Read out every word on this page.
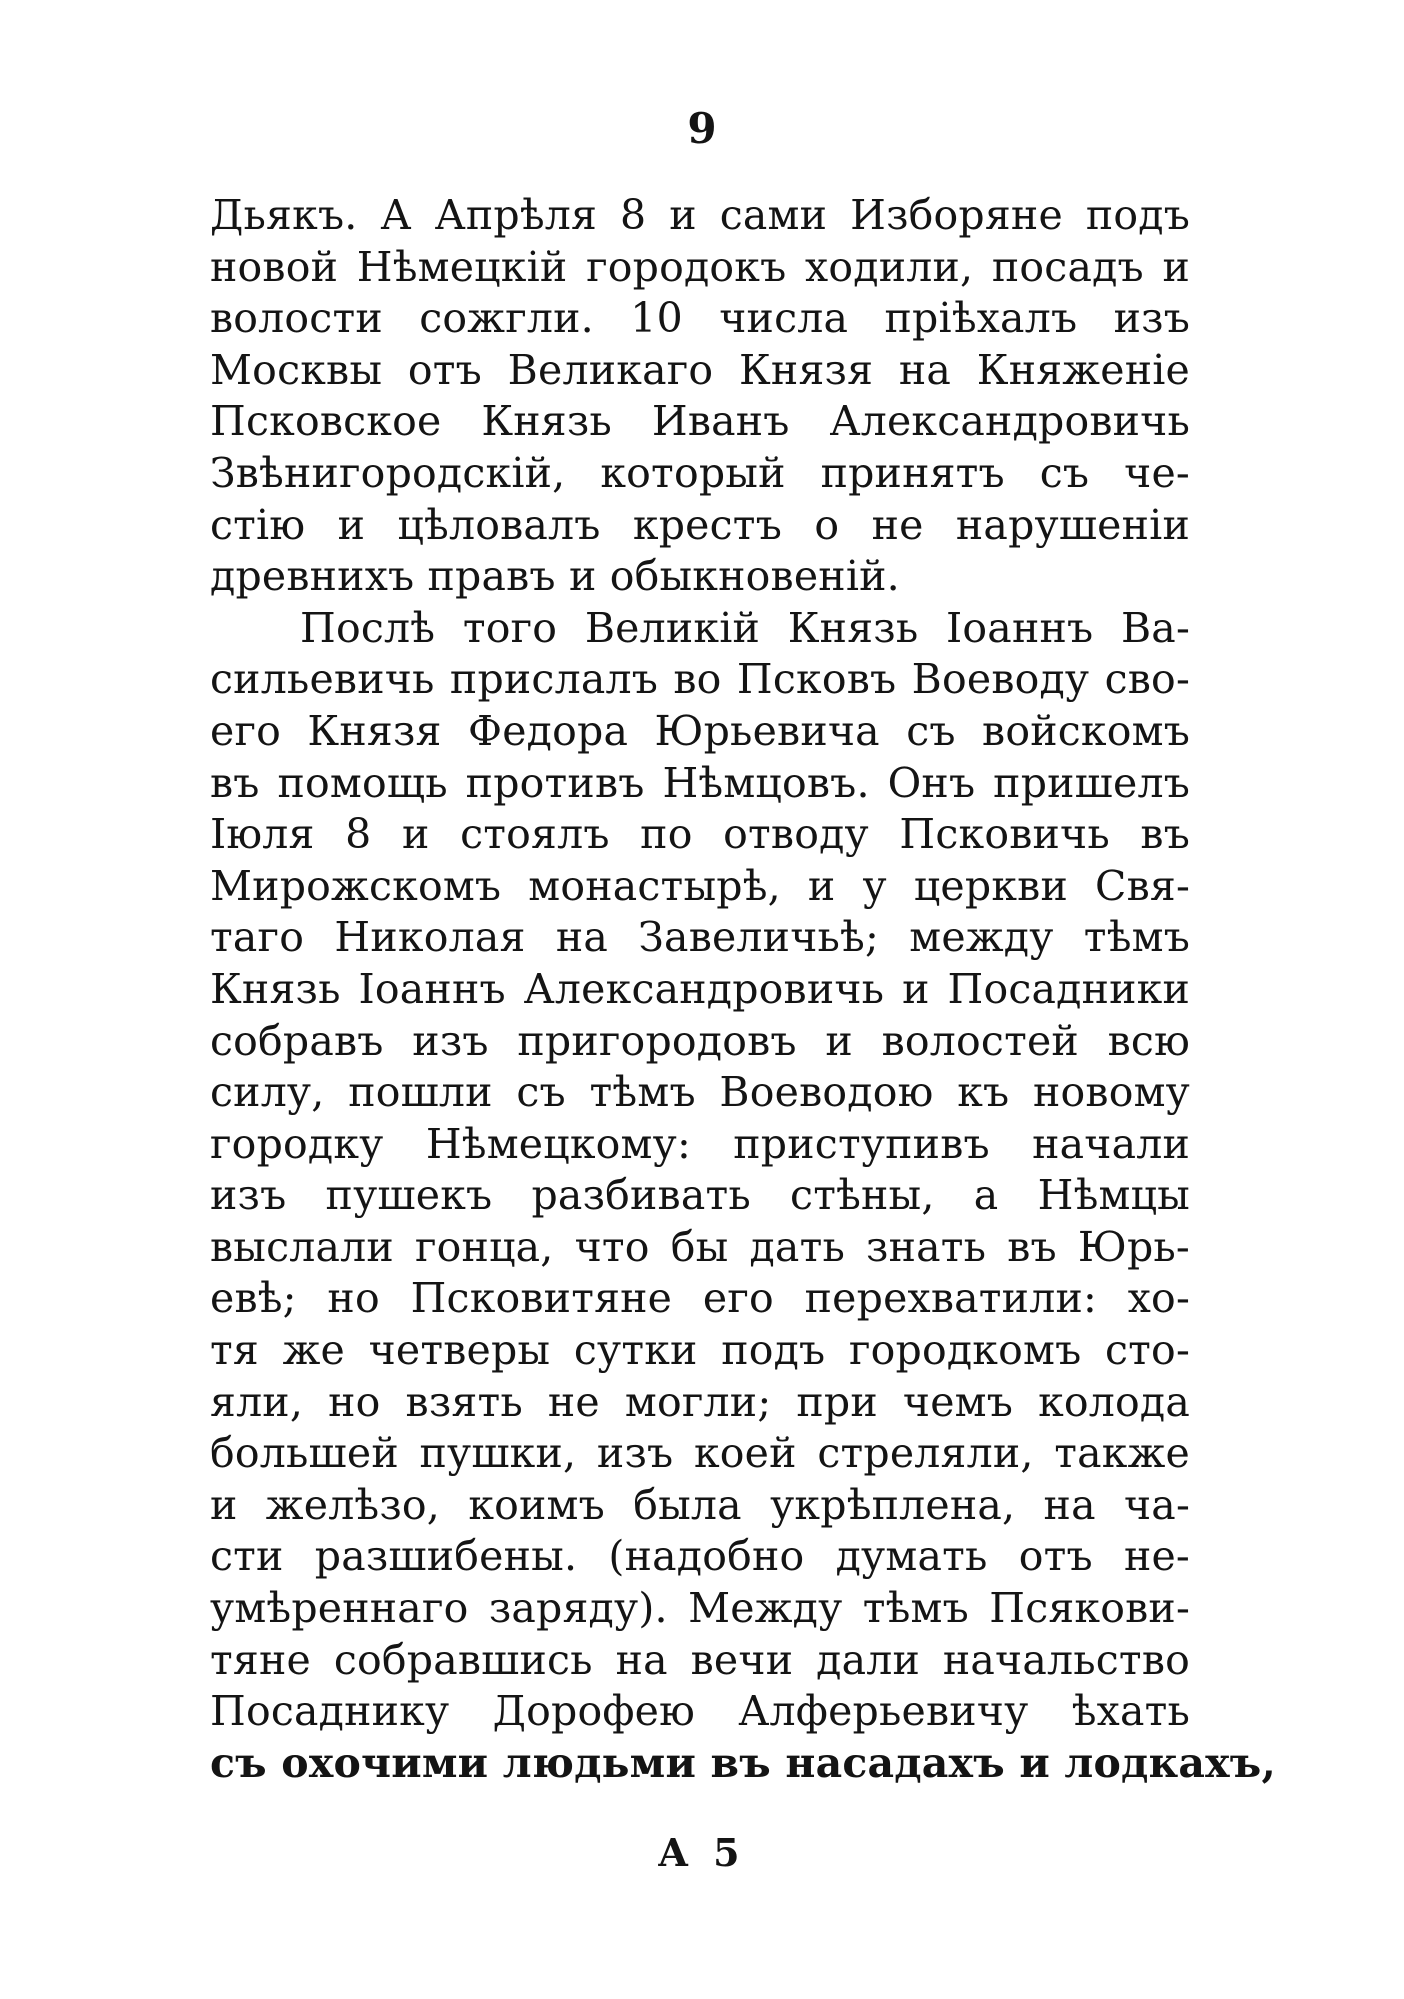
9
Дьякъ. А Апрѣля 8 и сами Изборяне подъ
новой Нѣмецкій городокъ ходили, посадъ и
волости сожгли. 10 числа пріѣхалъ изъ
Москвы отъ Великаго Князя на Княженіе
Псковское Князь Иванъ Александровичь
Звѣнигородскій, который принятъ съ че-
стію и цѣловалъ крестъ о не нарушеніи
древнихъ правъ и обыкновеній.
Послѣ того Великій Князь Іоаннъ Ва-
сильевичь прислалъ во Псковъ Воеводу сво-
его Князя Федора Юрьевича съ войскомъ
въ помощь противъ Нѣмцовъ. Онъ пришелъ
Іюля 8 и стоялъ по отводу Псковичь въ
Мирожскомъ монастырѣ, и у церкви Свя-
таго Николая на Завеличьѣ; между тѣмъ
Князь Іоаннъ Александровичь и Посадники
собравъ изъ пригородовъ и волостей всю
силу, пошли съ тѣмъ Воеводою къ новому
городку Нѣмецкому: приступивъ начали
изъ пушекъ разбивать стѣны, а Нѣмцы
выслали гонца, что бы дать знать въ Юрь-
евѣ; но Псковитяне его перехватили: хо-
тя же четверы сутки подъ городкомъ сто-
яли, но взять не могли; при чемъ колода
большей пушки, изъ коей стреляли, также
и желѣзо, коимъ была укрѣплена, на ча-
сти разшибены. (надобно думать отъ не-
умѣреннаго заряду). Между тѣмъ Псякови-
тяне собравшись на вечи дали начальство
Посаднику Дорофею Алферьевичу ѣхать
съ охочими людьми въ насадахъ и лодкахъ,
A 5
